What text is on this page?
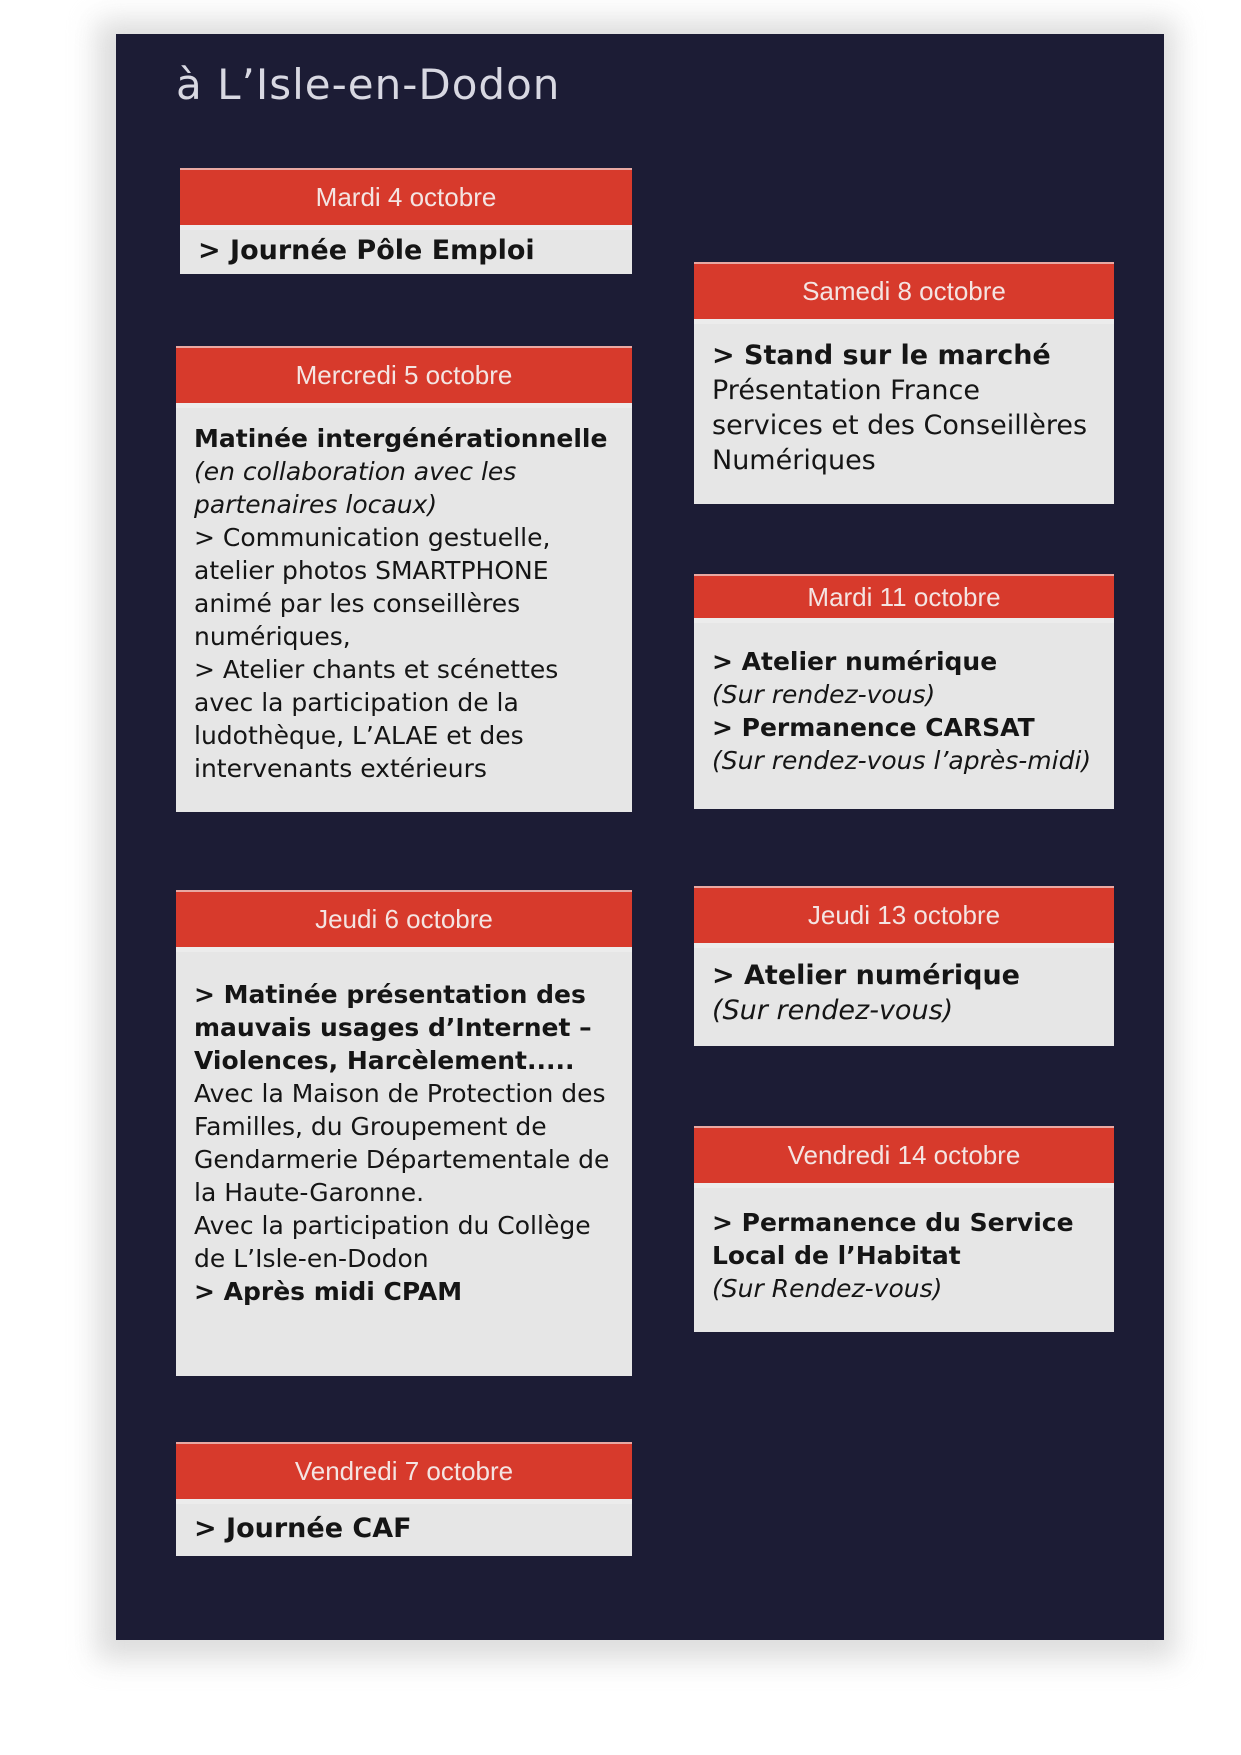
à L’Isle-en-Dodon
Mardi 4 octobre
> Journée Pôle Emploi
Mercredi 5 octobre
Matinée intergénérationnelle
(en collaboration avec les partenaires locaux)
> Communication gestuelle, atelier photos SMARTPHONE animé par les conseillères numériques,
> Atelier chants et scénettes avec la participation de la ludothèque, L’ALAE et des intervenants extérieurs
Jeudi 6 octobre
> Matinée présentation des mauvais usages d’Internet – Violences, Harcèlement.....
Avec la Maison de Protection des Familles, du Groupement de Gendarmerie Départementale de la Haute-Garonne.
Avec la participation du Collège de L’Isle-en-Dodon
> Après midi CPAM
Vendredi 7 octobre
> Journée CAF
Samedi 8 octobre
> Stand sur le marché
Présentation France services et des Conseillères Numériques
Mardi 11 octobre
> Atelier numérique
(Sur rendez-vous)
> Permanence CARSAT
(Sur rendez-vous l’après-midi)
Jeudi 13 octobre
> Atelier numérique
(Sur rendez-vous)
Vendredi 14 octobre
> Permanence du Service Local de l’Habitat
(Sur Rendez-vous)
